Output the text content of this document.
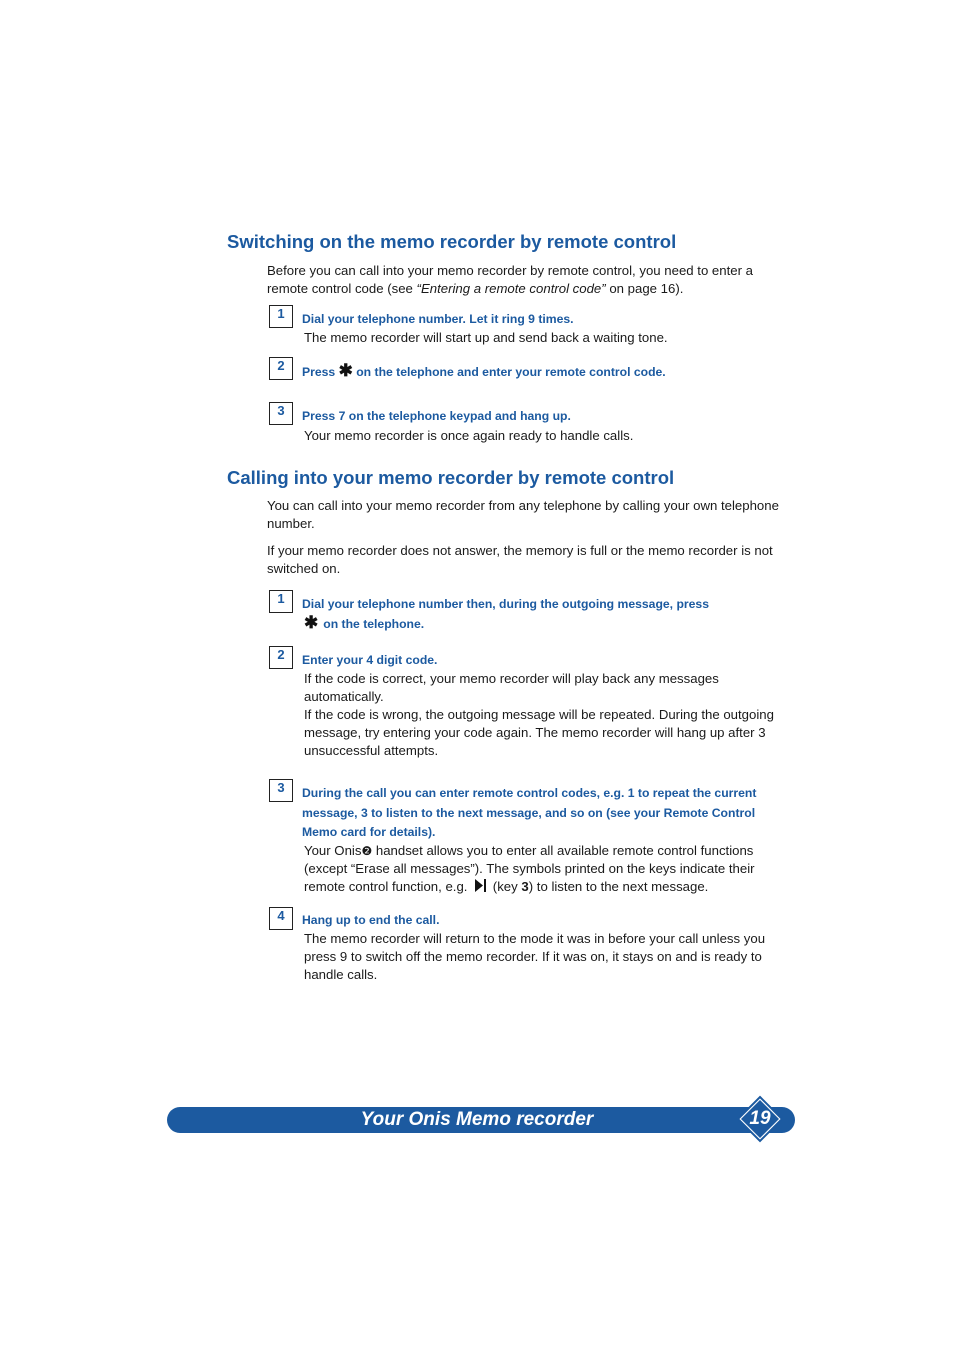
Switching on the memo recorder by remote control

Before you can call into your memo recorder by remote control, you need to enter a remote control code (see “Entering a remote control code” on page 16).

1	Dial your telephone number. Let it ring 9 times.

The memo recorder will start up and send back a waiting tone.

2	Press ✱ on the telephone and enter your remote control code.

3	Press 7 on the telephone keypad and hang up.

Your memo recorder is once again ready to handle calls.

Calling into your memo recorder by remote control

You can call into your memo recorder from any telephone by calling your own telephone number.

If your memo recorder does not answer, the memory is full or the memo recorder is not switched on.

1	Dial your telephone number then, during the outgoing message, press

✱ on the telephone.

2	Enter your 4 digit code.

If the code is correct, your memo recorder will play back any messages automatically.

If the code is wrong, the outgoing message will be repeated. During the outgoing message, try entering your code again. The memo recorder will hang up after 3 unsuccessful attempts.

3	During the call you can enter remote control codes, e.g. 1 to repeat the current message, 3 to listen to the next message, and so on (see your Remote Control Memo card for details).

Your Onis❷ handset allows you to enter all available remote control functions (except “Erase all messages”). The symbols printed on the keys indicate their remote control function, e.g.  (key 3) to listen to the next message.

4	Hang up to end the call.

The memo recorder will return to the mode it was in before your call unless you press 9 to switch off the memo recorder. If it was on, it stays on and is ready to handle calls.

Your Onis Memo recorder	19
